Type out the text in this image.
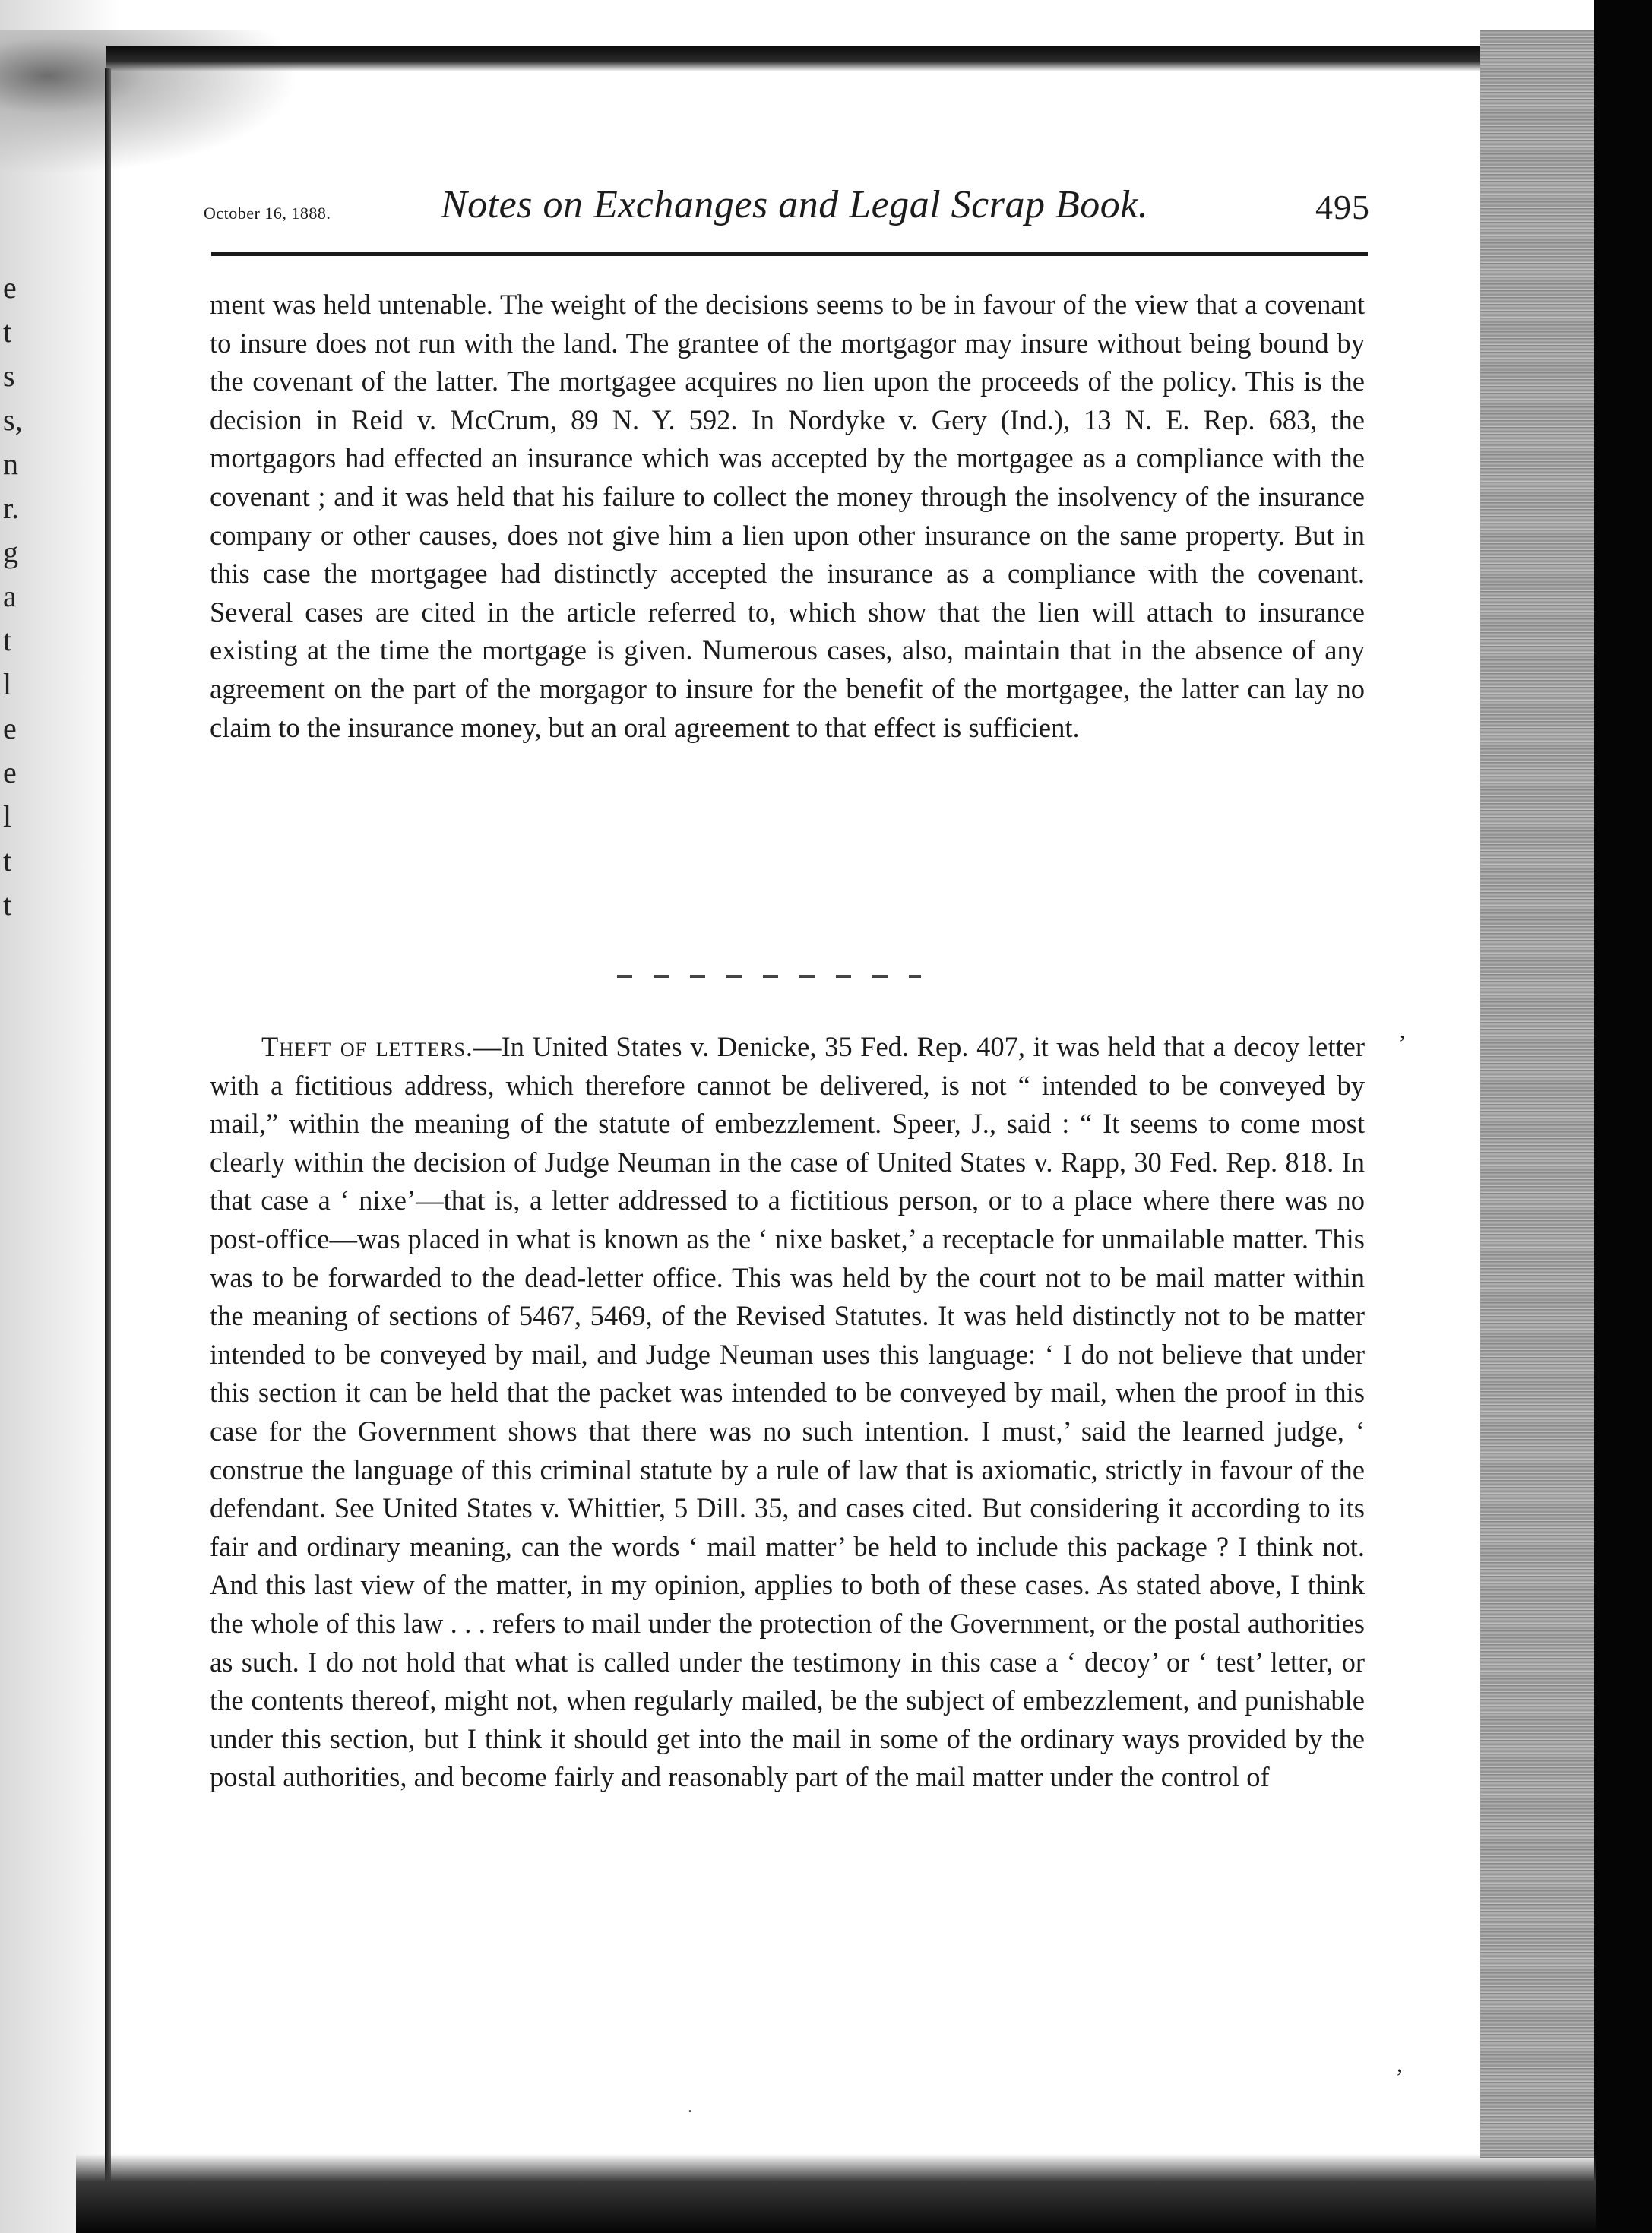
e
t
s
s,
n
r.
g
a
t
l
e
e
l
t
t
October 16, 1888.	Notes on Exchanges and Legal Scrap Book.	495
ment was held untenable. The weight of the decisions seems to be in favour of the view that a covenant to insure does not run with the land. The grantee of the mortgagor may insure without being bound by the covenant of the latter. The mortgagee acquires no lien upon the proceeds of the policy. This is the decision in Reid v. McCrum, 89 N. Y. 592. In Nordyke v. Gery (Ind.), 13 N. E. Rep. 683, the mortgagors had effected an insurance which was accepted by the mortgagee as a compliance with the covenant ; and it was held that his failure to collect the money through the insolvency of the insurance company or other causes, does not give him a lien upon other insurance on the same property. But in this case the mortgagee had distinctly accepted the insurance as a compliance with the covenant. Several cases are cited in the article referred to, which show that the lien will attach to insurance existing at the time the mortgage is given. Numerous cases, also, maintain that in the absence of any agreement on the part of the morgagor to insure for the benefit of the mortgagee, the latter can lay no claim to the insurance money, but an oral agreement to that effect is sufficient.
Theft of letters.—In United States v. Denicke, 35 Fed. Rep. 407, it was held that a decoy letter with a fictitious address, which therefore cannot be delivered, is not “ intended to be conveyed by mail,” within the meaning of the statute of embezzlement. Speer, J., said : “ It seems to come most clearly within the decision of Judge Neuman in the case of United States v. Rapp, 30 Fed. Rep. 818. In that case a ‘ nixe’—that is, a letter addressed to a fictitious person, or to a place where there was no post-office—was placed in what is known as the ‘ nixe basket,’ a receptacle for unmailable matter. This was to be forwarded to the dead-letter office. This was held by the court not to be mail matter within the meaning of sections of 5467, 5469, of the Revised Statutes. It was held distinctly not to be matter intended to be conveyed by mail, and Judge Neuman uses this language: ‘ I do not believe that under this section it can be held that the packet was intended to be conveyed by mail, when the proof in this case for the Government shows that there was no such intention. I must,’ said the learned judge, ‘ construe the language of this criminal statute by a rule of law that is axiomatic, strictly in favour of the defendant. See United States v. Whittier, 5 Dill. 35, and cases cited. But considering it according to its fair and ordinary meaning, can the words ‘ mail matter’ be held to include this package ? I think not. And this last view of the matter, in my opinion, applies to both of these cases. As stated above, I think the whole of this law . . . refers to mail under the protection of the Government, or the postal authorities as such. I do not hold that what is called under the testimony in this case a ‘ decoy’ or ‘ test’ letter, or the contents thereof, might not, when regularly mailed, be the subject of embezzlement, and punishable under this section, but I think it should get into the mail in some of the ordinary ways provided by the postal authorities, and become fairly and reasonably part of the mail matter under the control of
,
,
.
